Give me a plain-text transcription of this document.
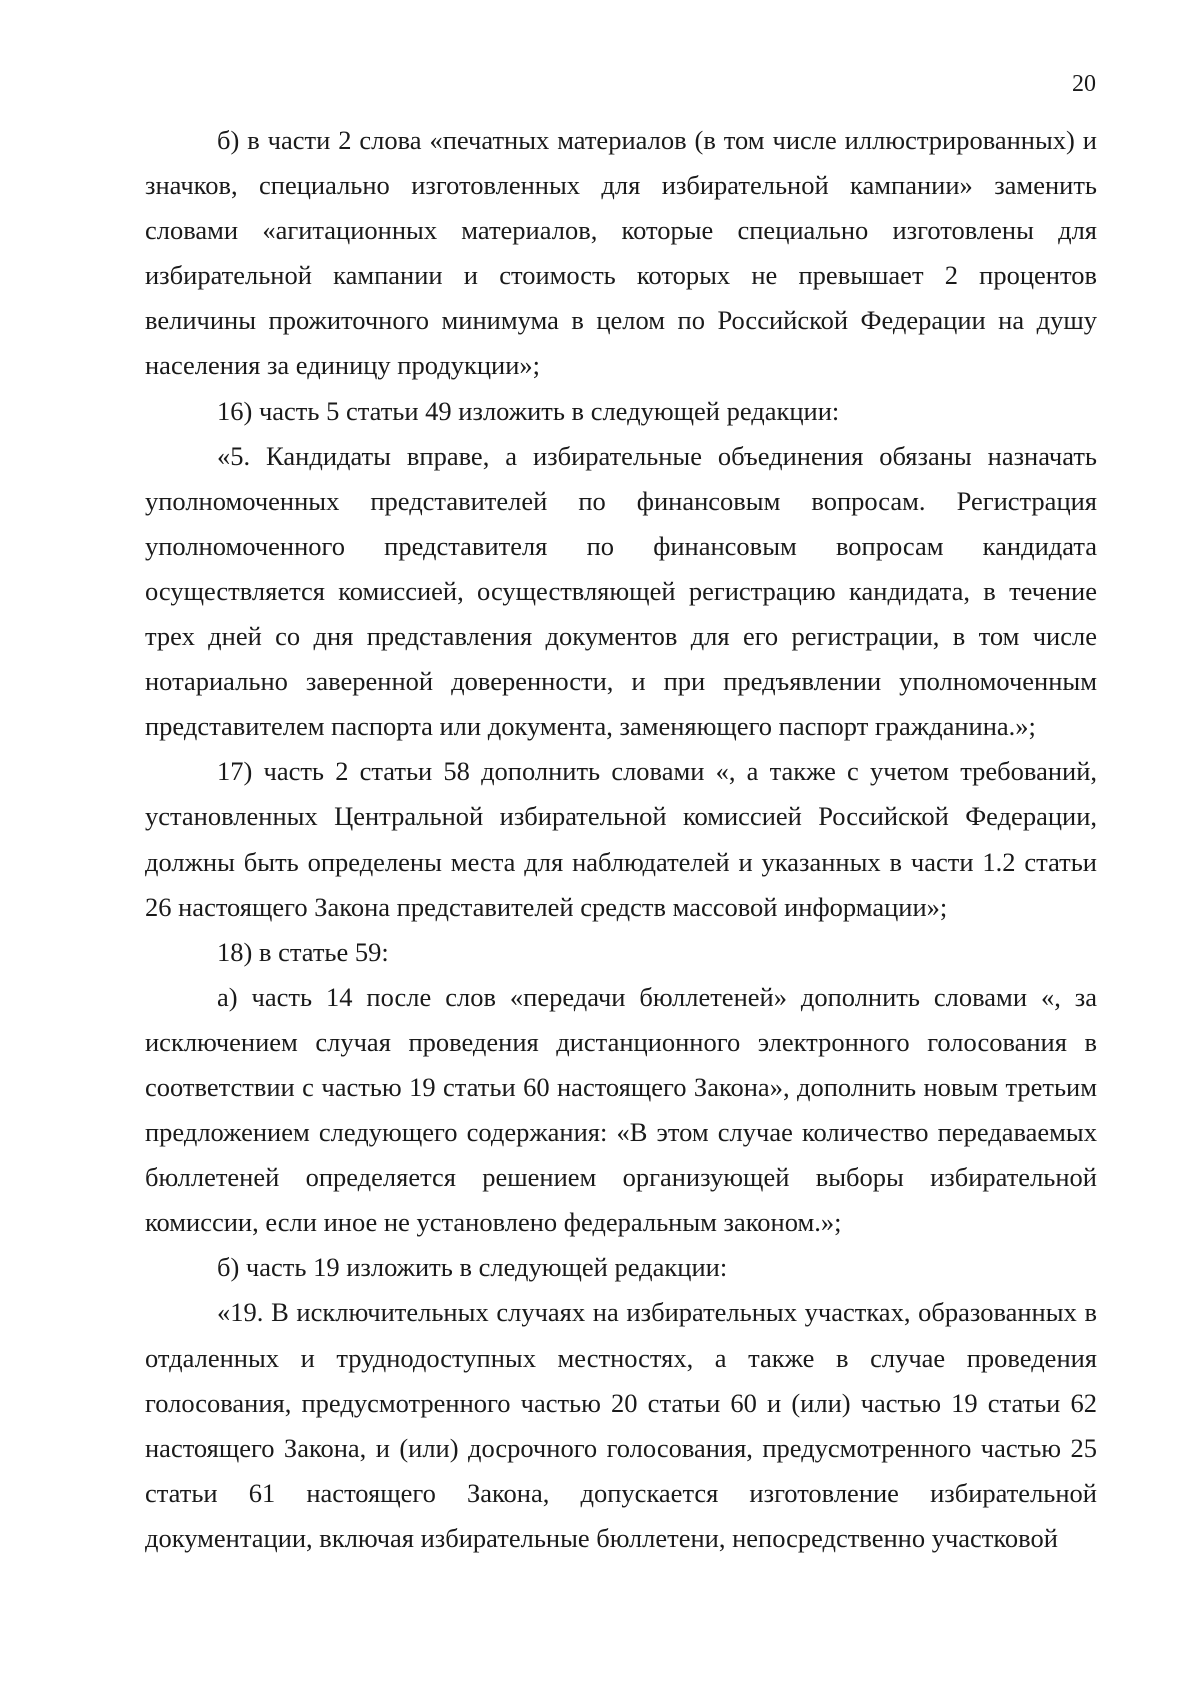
20

б) в части 2 слова «печатных материалов (в том числе иллюстрированных) и значков, специально изготовленных для избирательной кампании» заменить словами «агитационных материалов, которые специально изготовлены для избирательной кампании и стоимость которых не превышает 2 процентов величины прожиточного минимума в целом по Российской Федерации на душу населения за единицу продукции»;

16) часть 5 статьи 49 изложить в следующей редакции:

«5. Кандидаты вправе, а избирательные объединения обязаны назначать уполномоченных представителей по финансовым вопросам. Регистрация уполномоченного представителя по финансовым вопросам кандидата осуществляется комиссией, осуществляющей регистрацию кандидата, в течение трех дней со дня представления документов для его регистрации, в том числе нотариально заверенной доверенности, и при предъявлении уполномоченным представителем паспорта или документа, заменяющего паспорт гражданина.»;

17) часть 2 статьи 58 дополнить словами «, а также с учетом требований, установленных Центральной избирательной комиссией Российской Федерации, должны быть определены места для наблюдателей и указанных в части 1.2 статьи 26 настоящего Закона представителей средств массовой информации»;

18) в статье 59:

а) часть 14 после слов «передачи бюллетеней» дополнить словами «, за исключением случая проведения дистанционного электронного голосования в соответствии с частью 19 статьи 60 настоящего Закона», дополнить новым третьим предложением следующего содержания: «В этом случае количество передаваемых бюллетеней определяется решением организующей выборы избирательной комиссии, если иное не установлено федеральным законом.»;

б) часть 19 изложить в следующей редакции:

«19. В исключительных случаях на избирательных участках, образованных в отдаленных и труднодоступных местностях, а также в случае проведения голосования, предусмотренного частью 20 статьи 60 и (или) частью 19 статьи 62 настоящего Закона, и (или) досрочного голосования, предусмотренного частью 25 статьи 61 настоящего Закона, допускается изготовление избирательной документации, включая избирательные бюллетени, непосредственно участковой
